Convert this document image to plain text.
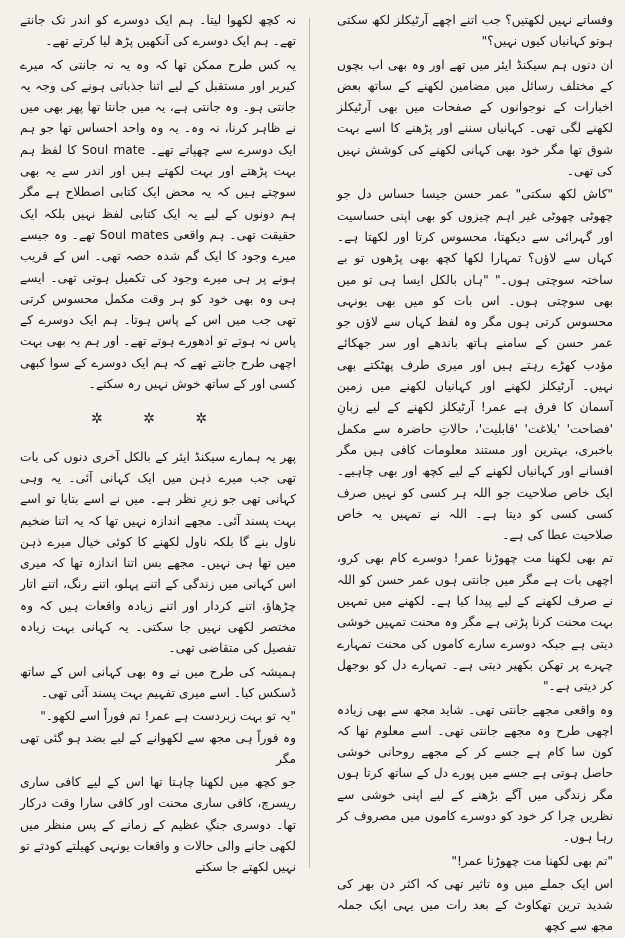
وفساتے نہیں لکھتیں؟ جب اتنے اچھے آرٹیکلز لکھ سکتی ہوتو کہانیاں کیوں نہیں؟"

ان دنوں ہم سیکنڈ ایئر میں تھے اور وہ بھی اب بچوں کے مختلف رسائل میں مضامین لکھنے کے ساتھ بعض اخبارات کے نوجوانوں کے صفحات میں بھی آرٹیکلز لکھنے لگی تھی۔ کہانیاں سننے اور پڑھنے کا اسے بہت شوق تھا مگر خود بھی کہانی لکھنے کی کوشش نہیں کی تھی۔

"کاش لکھ سکتی" عمر حسن جیسا حساس دل جو چھوٹی چھوٹی غیر اہم چیزوں کو بھی اپنی حساسیت اور گہرائی سے دیکھتا، محسوس کرتا اور لکھتا ہے۔ کہاں سے لاؤں؟ تمہارا لکھا کچھ بھی پڑھوں تو بے ساختہ سوچتی ہوں۔" "ہاں بالکل ایسا ہی تو میں بھی سوچتی ہوں۔ اس بات کو میں بھی یونہی محسوس کرتی ہوں مگر وہ لفظ کہاں سے لاؤں جو عمر حسن کے سامنے ہاتھ باندھے اور سر جھکائے مؤدب کھڑے رہتے ہیں اور میری طرف پھٹکتے بھی نہیں۔ آرٹیکلز لکھنے اور کہانیاں لکھنے میں زمین آسمان کا فرق ہے عمر! آرٹیکلز لکھنے کے لیے زبانِ 'فصاحت' 'بلاغت' 'قابلیت'، حالاتِ حاضرہ سے مکمل باخبری، بہترین اور مستند معلومات کافی ہیں مگر افسانے اور کہانیاں لکھنے کے لیے کچھ اور بھی چاہیے۔ ایک خاص صلاحیت جو اللہ ہر کسی کو نہیں صرف کسی کسی کو دیتا ہے۔ اللہ نے تمہیں یہ خاص صلاحیت عطا کی ہے۔

تم بھی لکھنا مت چھوڑنا عمر! دوسرے کام بھی کرو، اچھی بات ہے مگر میں جانتی ہوں عمر حسن کو اللہ نے صرف لکھنے کے لیے پیدا کیا ہے۔ لکھنے میں تمہیں بہت محنت کرنا پڑتی ہے مگر وہ محنت تمہیں خوشی دیتی ہے جبکہ دوسرے سارے کاموں کی محنت تمہارے چہرے پر تھکن بکھیر دیتی ہے۔ تمہارے دل کو بوجھل کر دیتی ہے۔"

وہ واقعی مجھے جانتی تھی۔ شاید مجھ سے بھی زیادہ اچھی طرح وہ مجھے جانتی تھی۔ اسے معلوم تھا کہ کون سا کام ہے جسے کر کے مجھے روحانی خوشی حاصل ہوتی ہے جسے میں پورے دل کے ساتھ کرتا ہوں مگر زندگی میں آگے بڑھنے کے لیے اپنی خوشی سے نظریں چرا کر خود کو دوسرے کاموں میں مصروف کر رہا ہوں۔

"تم بھی لکھنا مت چھوڑنا عمر!"

اس ایک جملے میں وہ تاثیر تھی کہ اکثر دن بھر کی شدید ترین تھکاوٹ کے بعد رات میں یہی ایک جملہ مجھ سے کچھ

نہ کچھ لکھوا لیتا۔ ہم ایک دوسرے کو اندر تک جانتے تھے۔ ہم ایک دوسرے کی آنکھیں پڑھ لیا کرتے تھے۔

یہ کس طرح ممکن تھا کہ وہ یہ نہ جانتی کہ میرے کیریر اور مستقبل کے لیے اتنا جذباتی ہونے کی وجہ یہ جانتی ہو۔ وہ جانتی ہے، یہ میں جانتا تھا پھر بھی میں نے ظاہر کرنا، نہ وہ۔ یہ وہ واحد احساس تھا جو ہم ایک دوسرے سے چھپاتے تھے۔ Soul mate کا لفظ ہم بہت پڑھتے اور بہت لکھتے ہیں اور اندر سے یہ بھی سوچتے ہیں کہ یہ محض ایک کتابی اصطلاح ہے مگر ہم دونوں کے لیے یہ ایک کتابی لفظ نہیں بلکہ ایک حقیقت تھی۔ ہم واقعی Soul mates تھے۔ وہ جیسے میرے وجود کا ایک گم شدہ حصہ تھی۔ اس کے قریب ہونے پر ہی میرے وجود کی تکمیل ہوتی تھی۔ ایسے ہی وہ بھی خود کو ہر وقت مکمل محسوس کرتی تھی جب میں اس کے پاس ہوتا۔ ہم ایک دوسرے کے پاس نہ ہوتے تو ادھورے ہوتے تھے۔ اور ہم یہ بھی بہت اچھی طرح جانتے تھے کہ ہم ایک دوسرے کے سوا کبھی کسی اور کے ساتھ خوش نہیں رہ سکتے۔

✲ ✲ ✲

پھر یہ ہمارے سیکنڈ ایئر کے بالکل آخری دنوں کی بات تھی جب میرے ذہن میں ایک کہانی آئی۔ یہ وہی کہانی تھی جو زیرِ نظر ہے۔ میں نے اسے بتایا تو اسے بہت پسند آئی۔ مجھے اندازہ نہیں تھا کہ یہ اتنا ضخیم ناول بنے گا بلکہ ناول لکھنے کا کوئی خیال میرے ذہن میں تھا ہی نہیں۔ مجھے بس اتنا اندازہ تھا کہ میری اس کہانی میں زندگی کے اتنے پہلو، اتنے رنگ، اتنے اتار چڑھاؤ، اتنے کردار اور اتنے زیادہ واقعات ہیں کہ وہ مختصر لکھی نہیں جا سکتی۔ یہ کہانی بہت زیادہ تفصیل کی متقاضی تھی۔

ہمیشہ کی طرح میں نے وہ بھی کہانی اس کے ساتھ ڈسکس کیا۔ اسے میری تفہیم بہت پسند آئی تھی۔

"یہ تو بہت زبردست ہے عمر! تم فوراً اسے لکھو۔"

وہ فوراً ہی مجھ سے لکھوانے کے لیے بضد ہو گئی تھی مگر

جو کچھ میں لکھنا چاہتا تھا اس کے لیے کافی ساری ریسرچ، کافی ساری محنت اور کافی سارا وقت درکار تھا۔ دوسری جنگِ عظیم کے زمانے کے پس منظر میں لکھی جانے والی حالات و واقعات یونہی کھیلتے کودتے تو نہیں لکھتے جا سکتے
